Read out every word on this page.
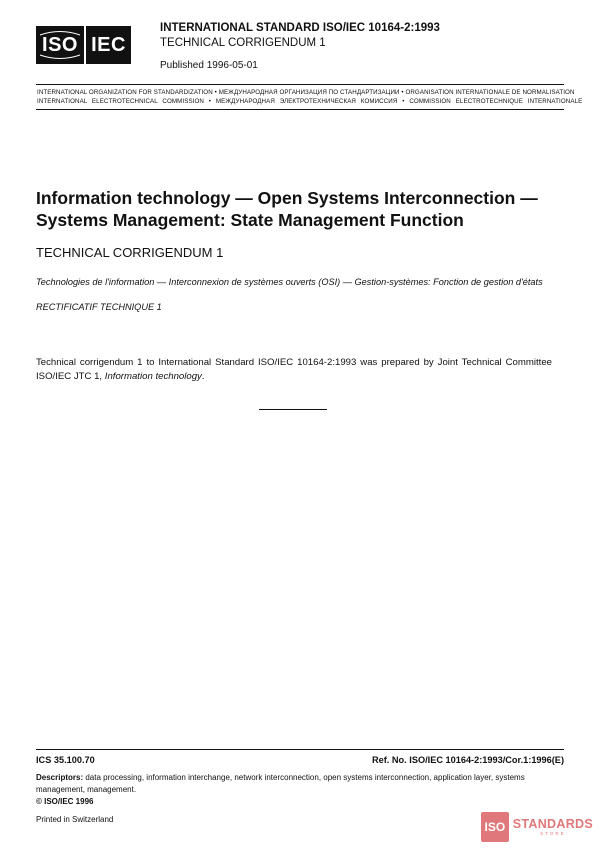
ISO IEC
INTERNATIONAL STANDARD ISO/IEC 10164-2:1993
TECHNICAL CORRIGENDUM 1
Published 1996-05-01
INTERNATIONAL ORGANIZATION FOR STANDARDIZATION • МЕЖДУНАРОДНАЯ ОРГАНИЗАЦИЯ ПО СТАНДАРТИЗАЦИИ • ORGANISATION INTERNATIONALE DE NORMALISATION
INTERNATIONAL ELECTROTECHNICAL COMMISSION • МЕЖДУНАРОДНАЯ ЭЛЕКТРОТЕХНИЧЕСКАЯ КОМИССИЯ • COMMISSION ELECTROTECHNIQUE INTERNATIONALE
Information technology — Open Systems Interconnection —
Systems Management: State Management Function
TECHNICAL CORRIGENDUM 1
Technologies de l'information — Interconnexion de systèmes ouverts (OSI) — Gestion-systèmes: Fonction de gestion d'états
RECTIFICATIF TECHNIQUE 1
Technical corrigendum 1 to International Standard ISO/IEC 10164-2:1993 was prepared by Joint Technical Committee ISO/IEC JTC 1, Information technology.
ICS 35.100.70	Ref. No. ISO/IEC 10164-2:1993/Cor.1:1996(E)
Descriptors: data processing, information interchange, network interconnection, open systems interconnection, application layer, systems management, management.
© ISO/IEC 1996
Printed in Switzerland
ISO STANDARDS
STORE
